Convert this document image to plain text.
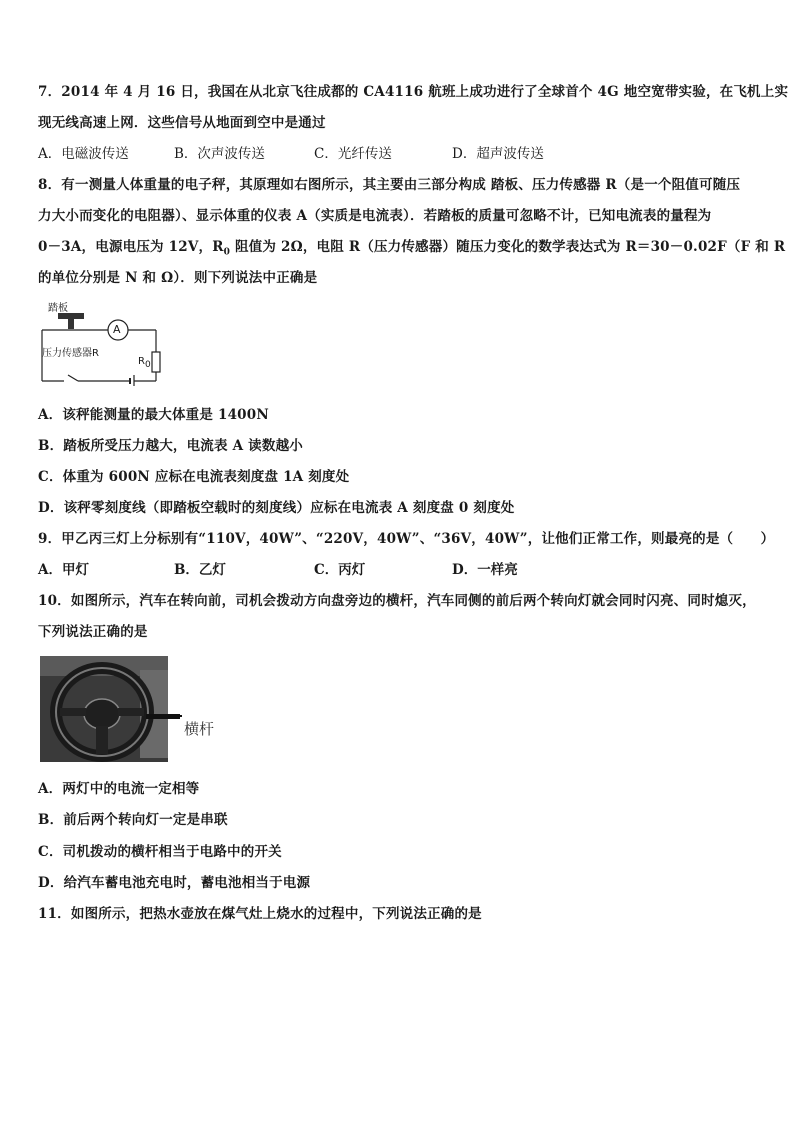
7．2014 年 4 月 16 日，我国在从北京飞往成都的 CA4116 航班上成功进行了全球首个 4G 地空宽带实验，在飞机上实
现无线高速上网．这些信号从地面到空中是通过
A．电磁波传送	B．次声波传送	C．光纤传送	D．超声波传送
8．有一测量人体重量的电子秤，其原理如右图所示，其主要由三部分构成 踏板、压力传感器 R（是一个阻值可随压
力大小而变化的电阻器）、显示体重的仪表 A（实质是电流表）．若踏板的质量可忽略不计，已知电流表的量程为
0－3A，电源电压为 12V，$R_0$ 阻值为 2Ω，电阻 R（压力传感器）随压力变化的数学表达式为 R＝30－0.02F（F 和 R
的单位分别是 N 和 Ω）．则下列说法中正确是
踏板
A
压力传感器R
$R_0$
A．该秤能测量的最大体重是 1400N
B．踏板所受压力越大，电流表 A 读数越小
C．体重为 600N 应标在电流表刻度盘 1A 刻度处
D．该秤零刻度线（即踏板空载时的刻度线）应标在电流表 A 刻度盘 0 刻度处
9．甲乙丙三灯上分标别有“110V，40W”、“220V，40W”、“36V，40W”，让他们正常工作，则最亮的是（　　）
A．甲灯	B．乙灯	C．丙灯	D．一样亮
10．如图所示，汽车在转向前，司机会拨动方向盘旁边的横杆，汽车同侧的前后两个转向灯就会同时闪亮、同时熄灭，
下列说法正确的是
横杆
A．两灯中的电流一定相等
B．前后两个转向灯一定是串联
C．司机拨动的横杆相当于电路中的开关
D．给汽车蓄电池充电时，蓄电池相当于电源
11．如图所示，把热水壶放在煤气灶上烧水的过程中，下列说法正确的是
